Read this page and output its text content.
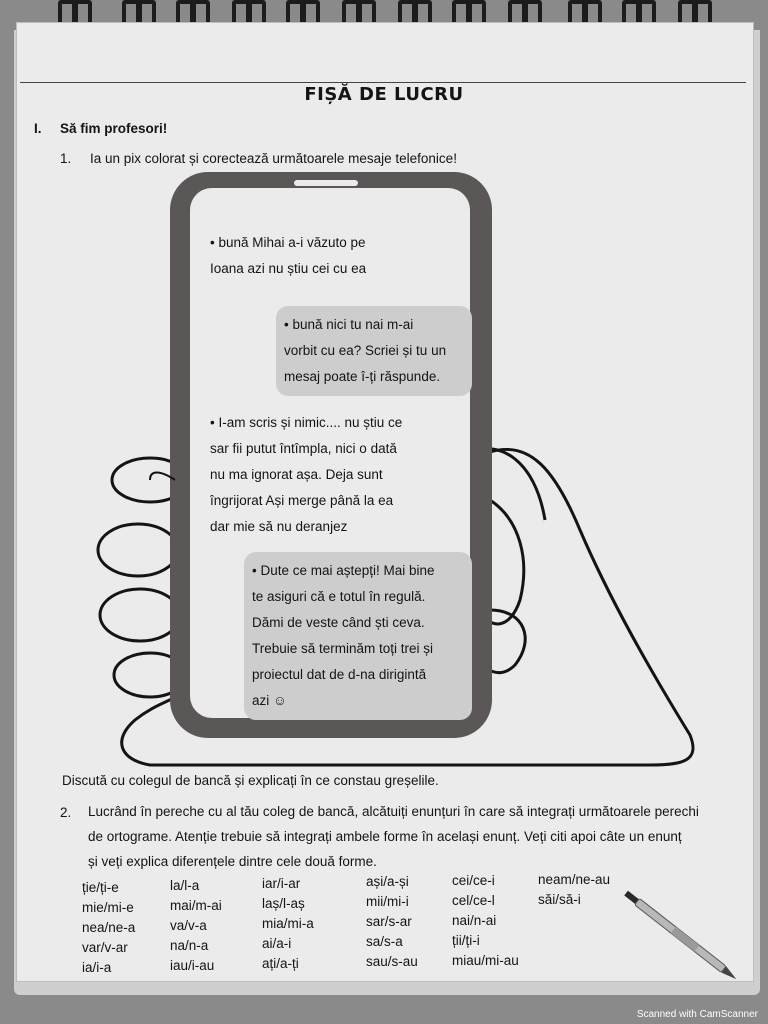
FIȘĂ DE LUCRU
I. Să fim profesori!
1. Ia un pix colorat și corectează următoarele mesaje telefonice!
• bună Mihai a-i văzuto pe
Ioana azi nu știu cei cu ea
• bună nici tu nai m-ai
vorbit cu ea? Scriei și tu un
mesaj poate î-ți răspunde.
• I-am scris și nimic.... nu știu ce
sar fii putut întîmpla, nici o dată
nu ma ignorat așa. Deja sunt
îngrijorat Ași merge până la ea
dar mie să nu deranjez
• Dute ce mai aștepți! Mai bine
te asiguri că e totul în regulă.
Dămi de veste când ști ceva.
Trebuie să terminăm toți trei și
proiectul dat de d-na dirigintă
azi ☺
Discută cu colegul de bancă și explicați în ce constau greșelile.
2. Lucrând în pereche cu al tău coleg de bancă, alcătuiți enunțuri în care să integrați următoarele perechi
de ortograme. Atenție trebuie să integrați ambele forme în același enunț. Veți citi apoi câte un enunț
și veți explica diferențele dintre cele două forme.
ție/ți-e
mie/mi-e
nea/ne-a
var/v-ar
ia/i-a
la/l-a
mai/m-ai
va/v-a
na/n-a
iau/i-au
iar/i-ar
laș/l-aș
mia/mi-a
ai/a-i
ați/a-ți
ași/a-și
mii/mi-i
sar/s-ar
sa/s-a
sau/s-au
cei/ce-i
cel/ce-l
nai/n-ai
ții/ți-i
miau/mi-au
neam/ne-au
săi/să-i
Scanned with CamScanner
